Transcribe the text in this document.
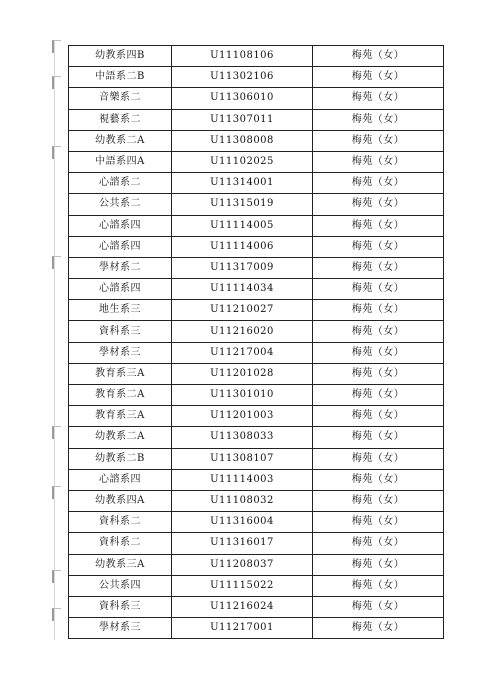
幼教系四B	U11108106	梅苑（女）
中語系二B	U11302106	梅苑（女）
音樂系二	U11306010	梅苑（女）
視藝系二	U11307011	梅苑（女）
幼教系二A	U11308008	梅苑（女）
中語系四A	U11102025	梅苑（女）
心諮系二	U11314001	梅苑（女）
公共系二	U11315019	梅苑（女）
心諮系四	U11114005	梅苑（女）
心諮系四	U11114006	梅苑（女）
學材系二	U11317009	梅苑（女）
心諮系四	U11114034	梅苑（女）
地生系三	U11210027	梅苑（女）
資科系三	U11216020	梅苑（女）
學材系三	U11217004	梅苑（女）
教育系三A	U11201028	梅苑（女）
教育系二A	U11301010	梅苑（女）
教育系三A	U11201003	梅苑（女）
幼教系二A	U11308033	梅苑（女）
幼教系二B	U11308107	梅苑（女）
心諮系四	U11114003	梅苑（女）
幼教系四A	U11108032	梅苑（女）
資科系二	U11316004	梅苑（女）
資科系二	U11316017	梅苑（女）
幼教系三A	U11208037	梅苑（女）
公共系四	U11115022	梅苑（女）
資科系三	U11216024	梅苑（女）
學材系三	U11217001	梅苑（女）
